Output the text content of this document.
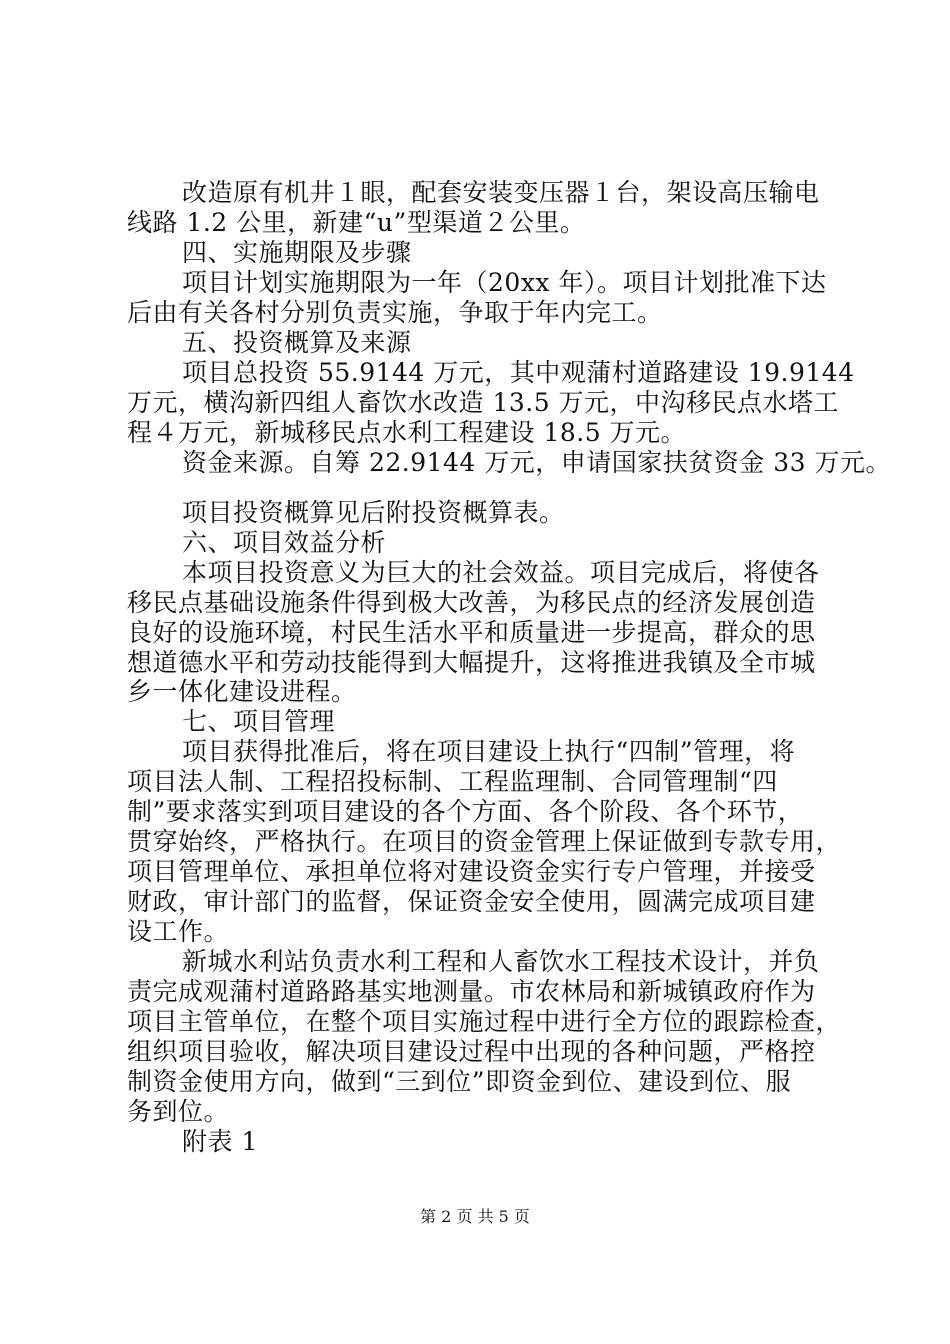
改造原有机井１眼，配套安装变压器１台，架设高压输电
线路 1.2 公里，新建“u”型渠道２公里。
四、实施期限及步骤
项目计划实施期限为一年（20xx 年）。项目计划批准下达
后由有关各村分别负责实施，争取于年内完工。
五、投资概算及来源
项目总投资 55.9144 万元，其中观蒲村道路建设 19.9144
万元，横沟新四组人畜饮水改造 13.5 万元，中沟移民点水塔工
程４万元，新城移民点水利工程建设 18.5 万元。
资金来源。自筹 22.9144 万元，申请国家扶贫资金 33 万元。
项目投资概算见后附投资概算表。
六、项目效益分析
本项目投资意义为巨大的社会效益。项目完成后，将使各
移民点基础设施条件得到极大改善，为移民点的经济发展创造
良好的设施环境，村民生活水平和质量进一步提高，群众的思
想道德水平和劳动技能得到大幅提升，这将推进我镇及全市城
乡一体化建设进程。
七、项目管理
项目获得批准后，将在项目建设上执行“四制”管理，将
项目法人制、工程招投标制、工程监理制、合同管理制“四
制”要求落实到项目建设的各个方面、各个阶段、各个环节，
贯穿始终，严格执行。在项目的资金管理上保证做到专款专用，
项目管理单位、承担单位将对建设资金实行专户管理，并接受
财政，审计部门的监督，保证资金安全使用，圆满完成项目建
设工作。
新城水利站负责水利工程和人畜饮水工程技术设计，并负
责完成观蒲村道路路基实地测量。市农林局和新城镇政府作为
项目主管单位，在整个项目实施过程中进行全方位的跟踪检查，
组织项目验收，解决项目建设过程中出现的各种问题，严格控
制资金使用方向，做到“三到位”即资金到位、建设到位、服
务到位。
附表 1
第 2 页 共 5 页
